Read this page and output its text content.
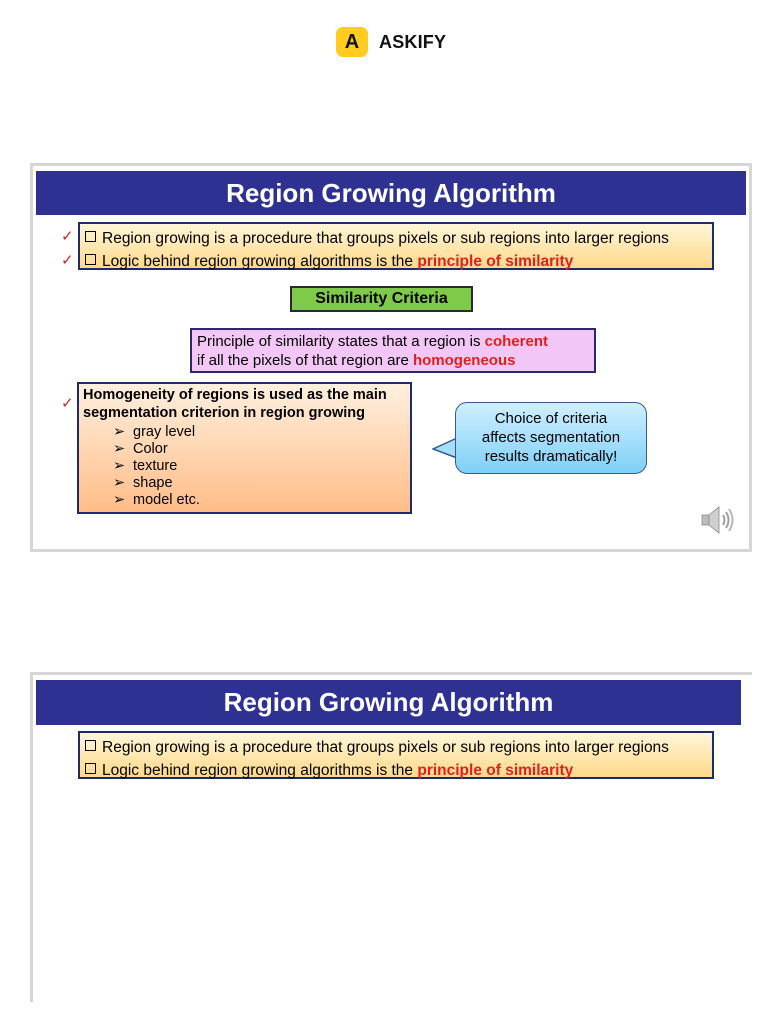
A	ASKIFY
Region Growing Algorithm
✓
✓
Region growing is a procedure that groups pixels or sub regions into larger regions
Logic behind region growing algorithms is the principle of similarity
Similarity Criteria
Principle of similarity states that a region is coherent
if all the pixels of that region are homogeneous
✓ Homogeneity of regions is used as the main
segmentation criterion in region growing
➢ gray level
➢ Color
➢ texture
➢ shape
➢ model etc.
Choice of criteria
affects segmentation
results dramatically!
Region Growing Algorithm
Region growing is a procedure that groups pixels or sub regions into larger regions
Logic behind region growing algorithms is the principle of similarity
